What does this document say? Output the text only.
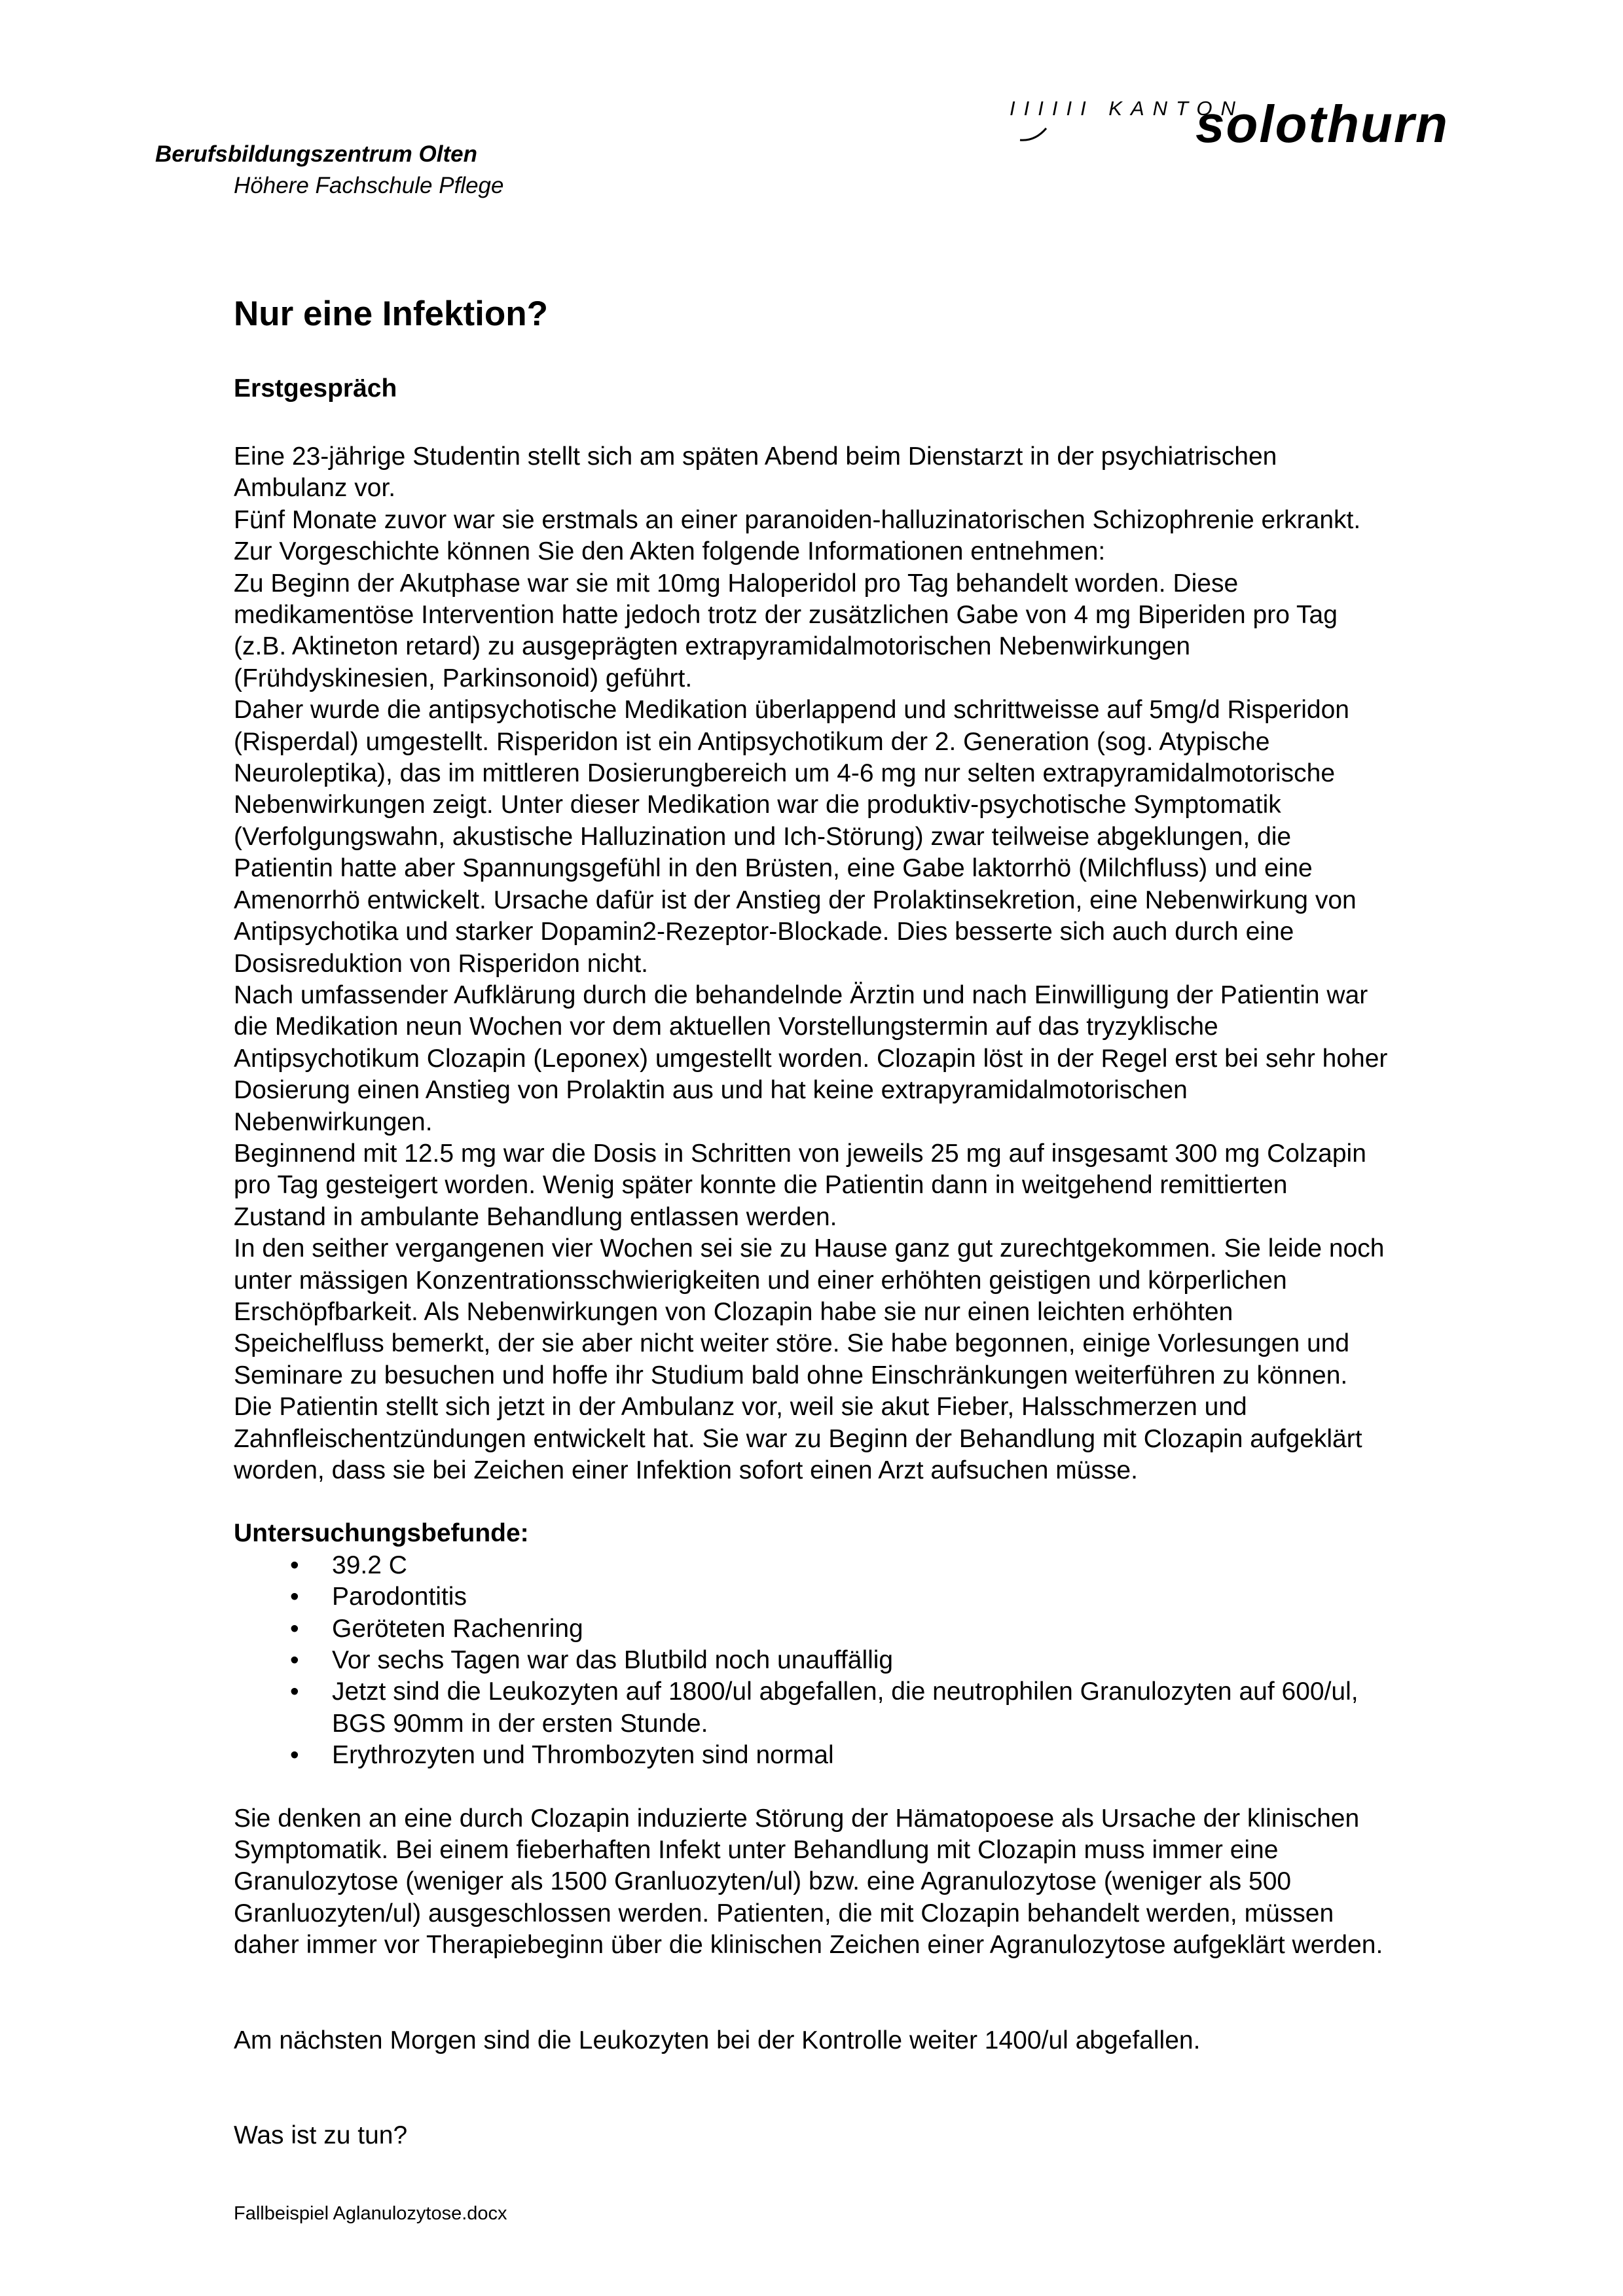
Berufsbildungszentrum Olten
Höhere Fachschule Pflege
IIIIII KANTON
solothurn
Nur eine Infektion?
Erstgespräch
Eine 23-jährige Studentin stellt sich am späten Abend beim Dienstarzt in der psychiatrischen
Ambulanz vor.
Fünf Monate zuvor war sie erstmals an einer paranoiden-halluzinatorischen Schizophrenie erkrankt.
Zur Vorgeschichte können Sie den Akten folgende Informationen entnehmen:
Zu Beginn der Akutphase war sie mit 10mg Haloperidol pro Tag behandelt worden. Diese
medikamentöse Intervention hatte jedoch trotz der zusätzlichen Gabe von 4 mg Biperiden pro Tag
(z.B. Aktineton retard) zu ausgeprägten extrapyramidalmotorischen Nebenwirkungen
(Frühdyskinesien, Parkinsonoid) geführt.
Daher wurde die antipsychotische Medikation überlappend und schrittweisse auf 5mg/d Risperidon
(Risperdal) umgestellt. Risperidon ist ein Antipsychotikum der 2. Generation (sog. Atypische
Neuroleptika), das im mittleren Dosierungbereich um 4-6 mg nur selten extrapyramidalmotorische
Nebenwirkungen zeigt. Unter dieser Medikation war die produktiv-psychotische Symptomatik
(Verfolgungswahn, akustische Halluzination und Ich-Störung) zwar teilweise abgeklungen, die
Patientin hatte aber Spannungsgefühl in den Brüsten, eine Gabe laktorrhö (Milchfluss) und eine
Amenorrhö entwickelt. Ursache dafür ist der Anstieg der Prolaktinsekretion, eine Nebenwirkung von
Antipsychotika und starker Dopamin2-Rezeptor-Blockade. Dies besserte sich auch durch eine
Dosisreduktion von Risperidon nicht.
Nach umfassender Aufklärung durch die behandelnde Ärztin und nach Einwilligung der Patientin war
die Medikation neun Wochen vor dem aktuellen Vorstellungstermin auf das tryzyklische
Antipsychotikum Clozapin (Leponex) umgestellt worden. Clozapin löst in der Regel erst bei sehr hoher
Dosierung einen Anstieg von Prolaktin aus und hat keine extrapyramidalmotorischen
Nebenwirkungen.
Beginnend mit 12.5 mg war die Dosis in Schritten von jeweils 25 mg auf insgesamt 300 mg Colzapin
pro Tag gesteigert worden. Wenig später konnte die Patientin dann in weitgehend remittierten
Zustand in ambulante Behandlung entlassen werden.
In den seither vergangenen vier Wochen sei sie zu Hause ganz gut zurechtgekommen. Sie leide noch
unter mässigen Konzentrationsschwierigkeiten und einer erhöhten geistigen und körperlichen
Erschöpfbarkeit. Als Nebenwirkungen von Clozapin habe sie nur einen leichten erhöhten
Speichelfluss bemerkt, der sie aber nicht weiter störe. Sie habe begonnen, einige Vorlesungen und
Seminare zu besuchen und hoffe ihr Studium bald ohne Einschränkungen weiterführen zu können.
Die Patientin stellt sich jetzt in der Ambulanz vor, weil sie akut Fieber, Halsschmerzen und
Zahnfleischentzündungen entwickelt hat. Sie war zu Beginn der Behandlung mit Clozapin aufgeklärt
worden, dass sie bei Zeichen einer Infektion sofort einen Arzt aufsuchen müsse.
Untersuchungsbefunde:
• 39.2 C
• Parodontitis
• Geröteten Rachenring
• Vor sechs Tagen war das Blutbild noch unauffällig
• Jetzt sind die Leukozyten auf 1800/ul abgefallen, die neutrophilen Granulozyten auf 600/ul,
BGS 90mm in der ersten Stunde.
• Erythrozyten und Thrombozyten sind normal
Sie denken an eine durch Clozapin induzierte Störung der Hämatopoese als Ursache der klinischen
Symptomatik. Bei einem fieberhaften Infekt unter Behandlung mit Clozapin muss immer eine
Granulozytose (weniger als 1500 Granluozyten/ul) bzw. eine Agranulozytose (weniger als 500
Granluozyten/ul) ausgeschlossen werden. Patienten, die mit Clozapin behandelt werden, müssen
daher immer vor Therapiebeginn über die klinischen Zeichen einer Agranulozytose aufgeklärt werden.

Am nächsten Morgen sind die Leukozyten bei der Kontrolle weiter 1400/ul abgefallen.

Was ist zu tun?

Fallbeispiel Aglanulozytose.docx
